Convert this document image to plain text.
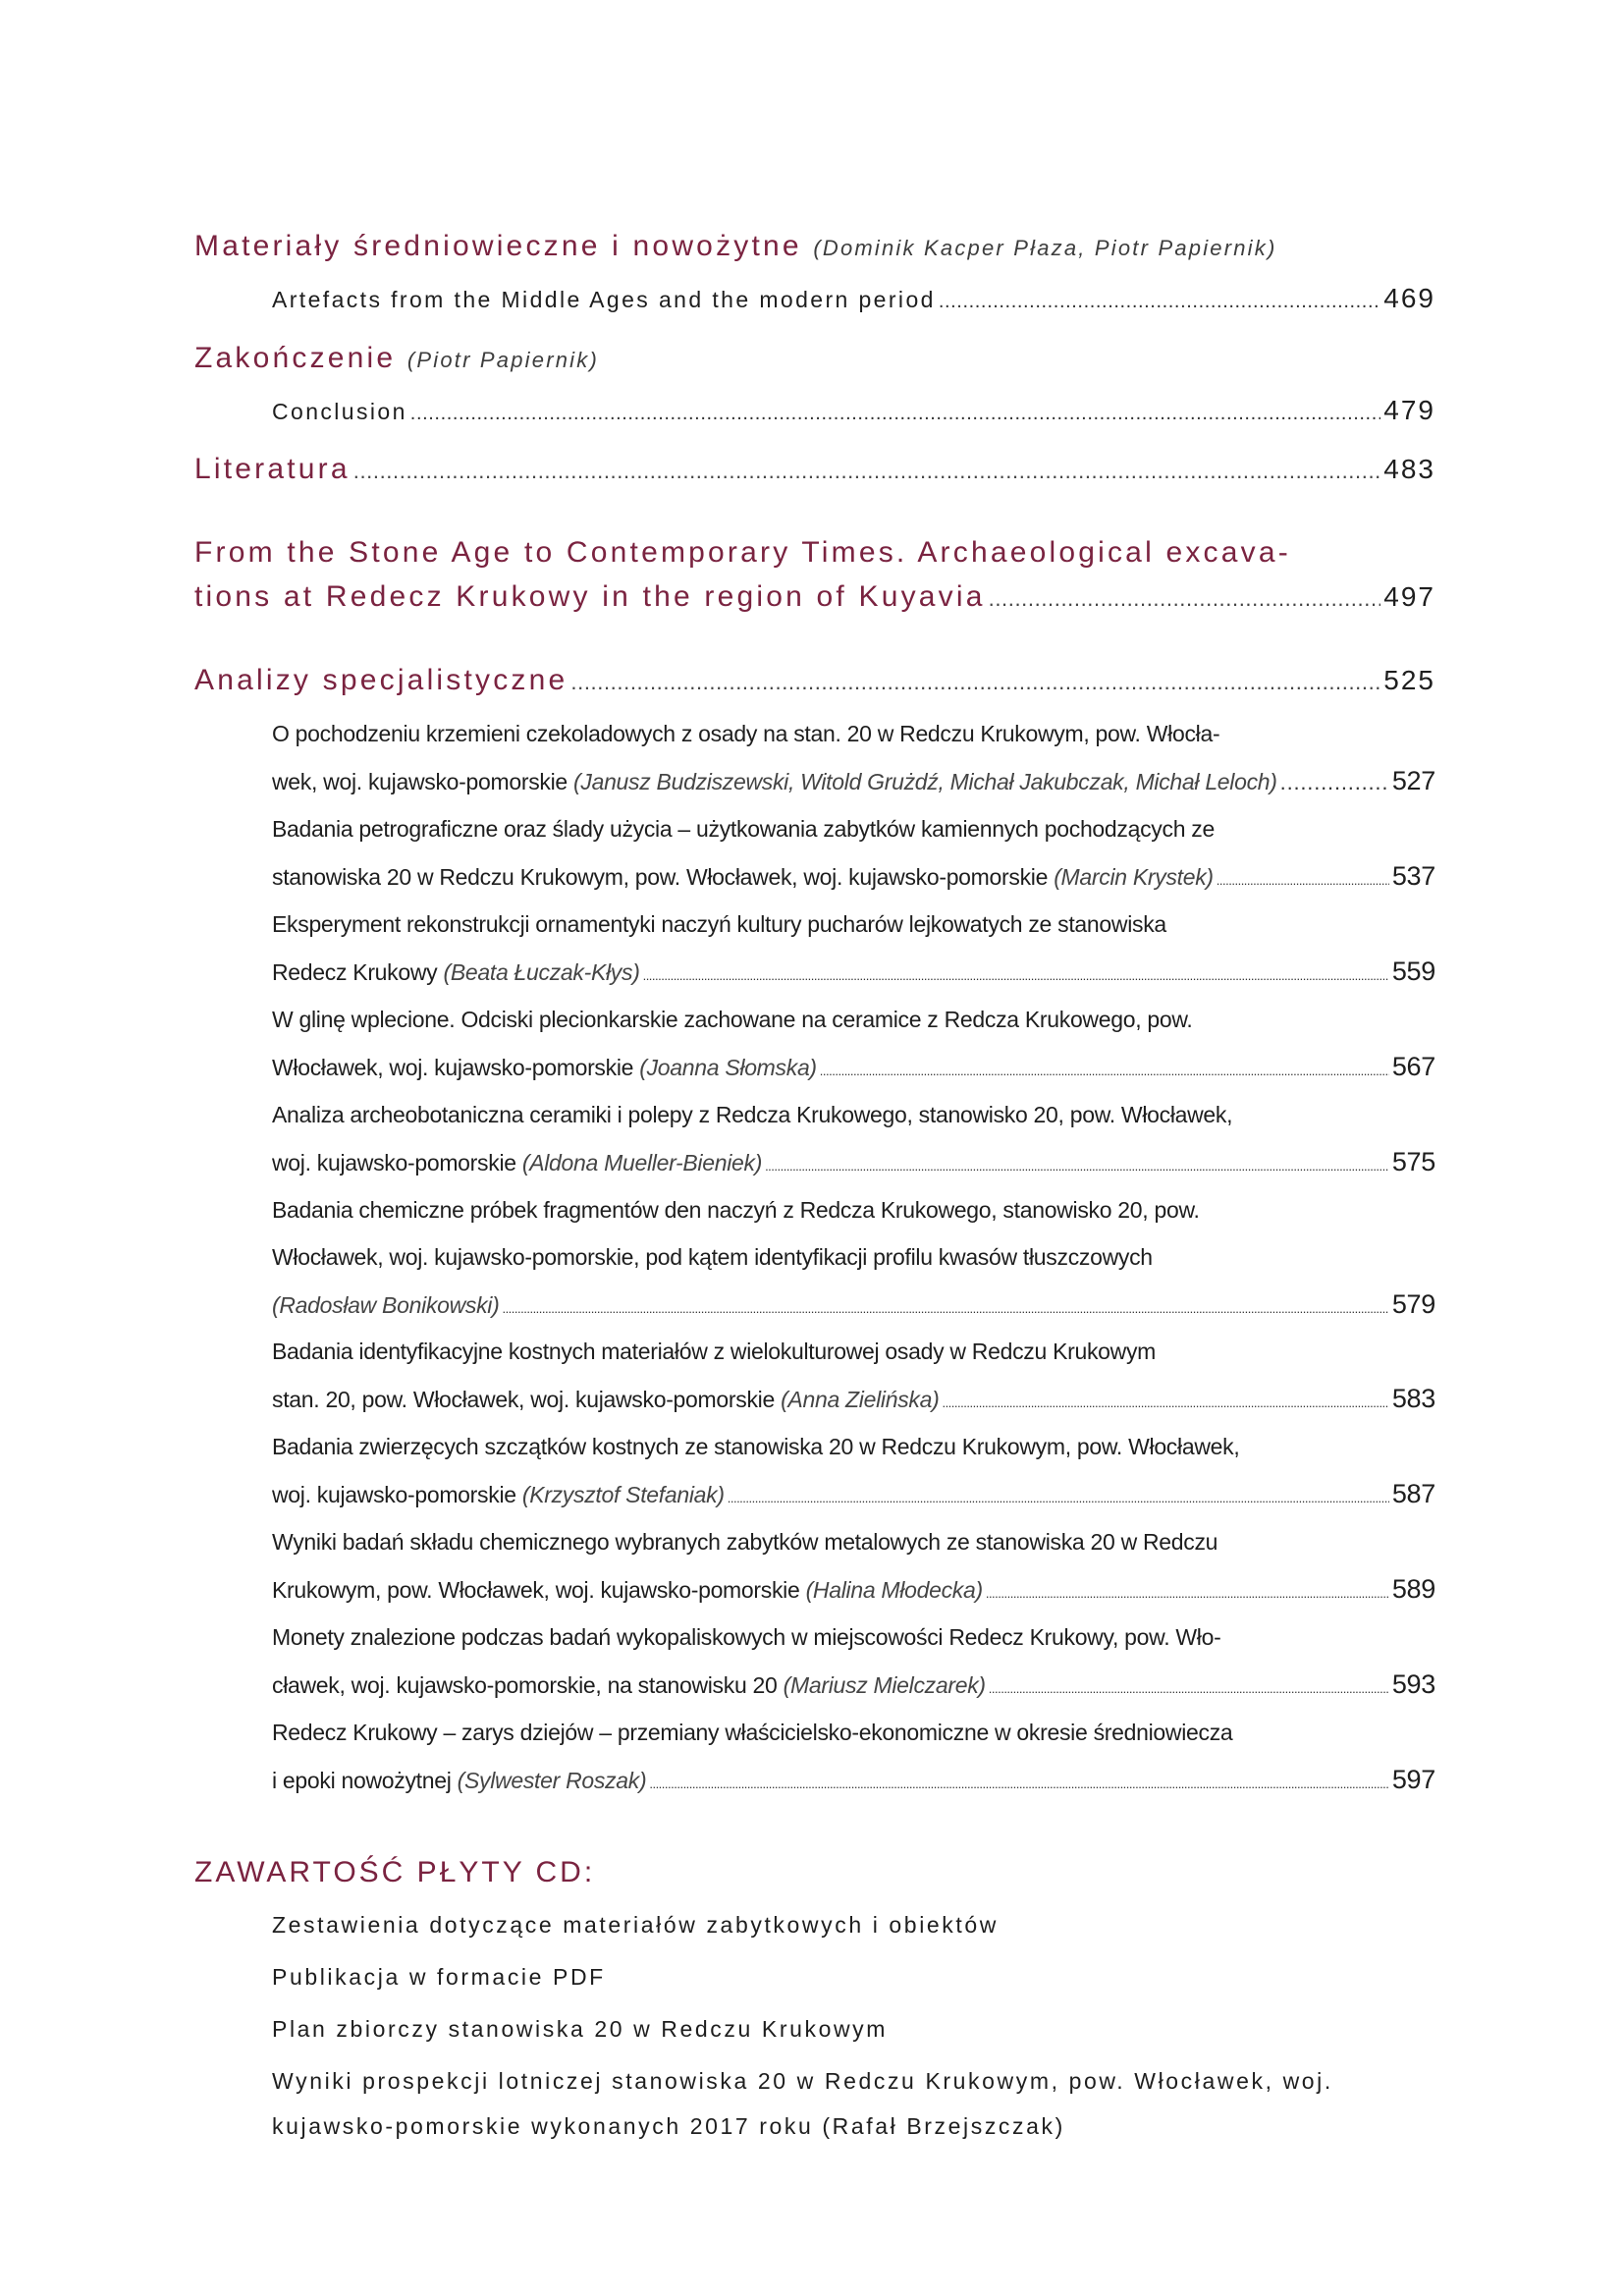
Materiały średniowieczne i nowożytne (Dominik Kacper Płaza, Piotr Papiernik)
Artefacts from the Middle Ages and the modern period .....	469
Zakończenie (Piotr Papiernik)
Conclusion .....	479
Literatura .....	483
From the Stone Age to Contemporary Times. Archaeological excava-
tions at Redecz Krukowy in the region of Kuyavia .....	497
Analizy specjalistyczne .....	525
O pochodzeniu krzemieni czekoladowych z osady na stan. 20 w Redczu Krukowym, pow. Włocła-
wek, woj. kujawsko-pomorskie (Janusz Budziszewski, Witold Grużdź, Michał Jakubczak, Michał Leloch) .....	527
Badania petrograficzne oraz ślady użycia – użytkowania zabytków kamiennych pochodzących ze
stanowiska 20 w Redczu Krukowym, pow. Włocławek, woj. kujawsko-pomorskie (Marcin Krystek) .....	537
Eksperyment rekonstrukcji ornamentyki naczyń kultury pucharów lejkowatych ze stanowiska
Redecz Krukowy (Beata Łuczak-Kłys) .....	559
W glinę wplecione. Odciski plecionkarskie zachowane na ceramice z Redcza Krukowego, pow.
Włocławek, woj. kujawsko-pomorskie (Joanna Słomska) .....	567
Analiza archeobotaniczna ceramiki i polepy z Redcza Krukowego, stanowisko 20, pow. Włocławek,
woj. kujawsko-pomorskie (Aldona Mueller-Bieniek) .....	575
Badania chemiczne próbek fragmentów den naczyń z Redcza Krukowego, stanowisko 20, pow.
Włocławek, woj. kujawsko-pomorskie, pod kątem identyfikacji profilu kwasów tłuszczowych
(Radosław Bonikowski) .....	579
Badania identyfikacyjne kostnych materiałów z wielokulturowej osady w Redczu Krukowym
stan. 20, pow. Włocławek, woj. kujawsko-pomorskie (Anna Zielińska) .....	583
Badania zwierzęcych szczątków kostnych ze stanowiska 20 w Redczu Krukowym, pow. Włocławek,
woj. kujawsko-pomorskie (Krzysztof Stefaniak) .....	587
Wyniki badań składu chemicznego wybranych zabytków metalowych ze stanowiska 20 w Redczu
Krukowym, pow. Włocławek, woj. kujawsko-pomorskie (Halina Młodecka) .....	589
Monety znalezione podczas badań wykopaliskowych w miejscowości Redecz Krukowy, pow. Wło-
cławek, woj. kujawsko-pomorskie, na stanowisku 20 (Mariusz Mielczarek) .....	593
Redecz Krukowy – zarys dziejów – przemiany właścicielsko-ekonomiczne w okresie średniowiecza
i epoki nowożytnej (Sylwester Roszak) .....	597
ZAWARTOŚĆ PŁYTY CD:
Zestawienia dotyczące materiałów zabytkowych i obiektów
Publikacja w formacie PDF
Plan zbiorczy stanowiska 20 w Redczu Krukowym
Wyniki prospekcji lotniczej stanowiska 20 w Redczu Krukowym, pow. Włocławek, woj.
kujawsko-pomorskie wykonanych 2017 roku (Rafał Brzejszczak)
